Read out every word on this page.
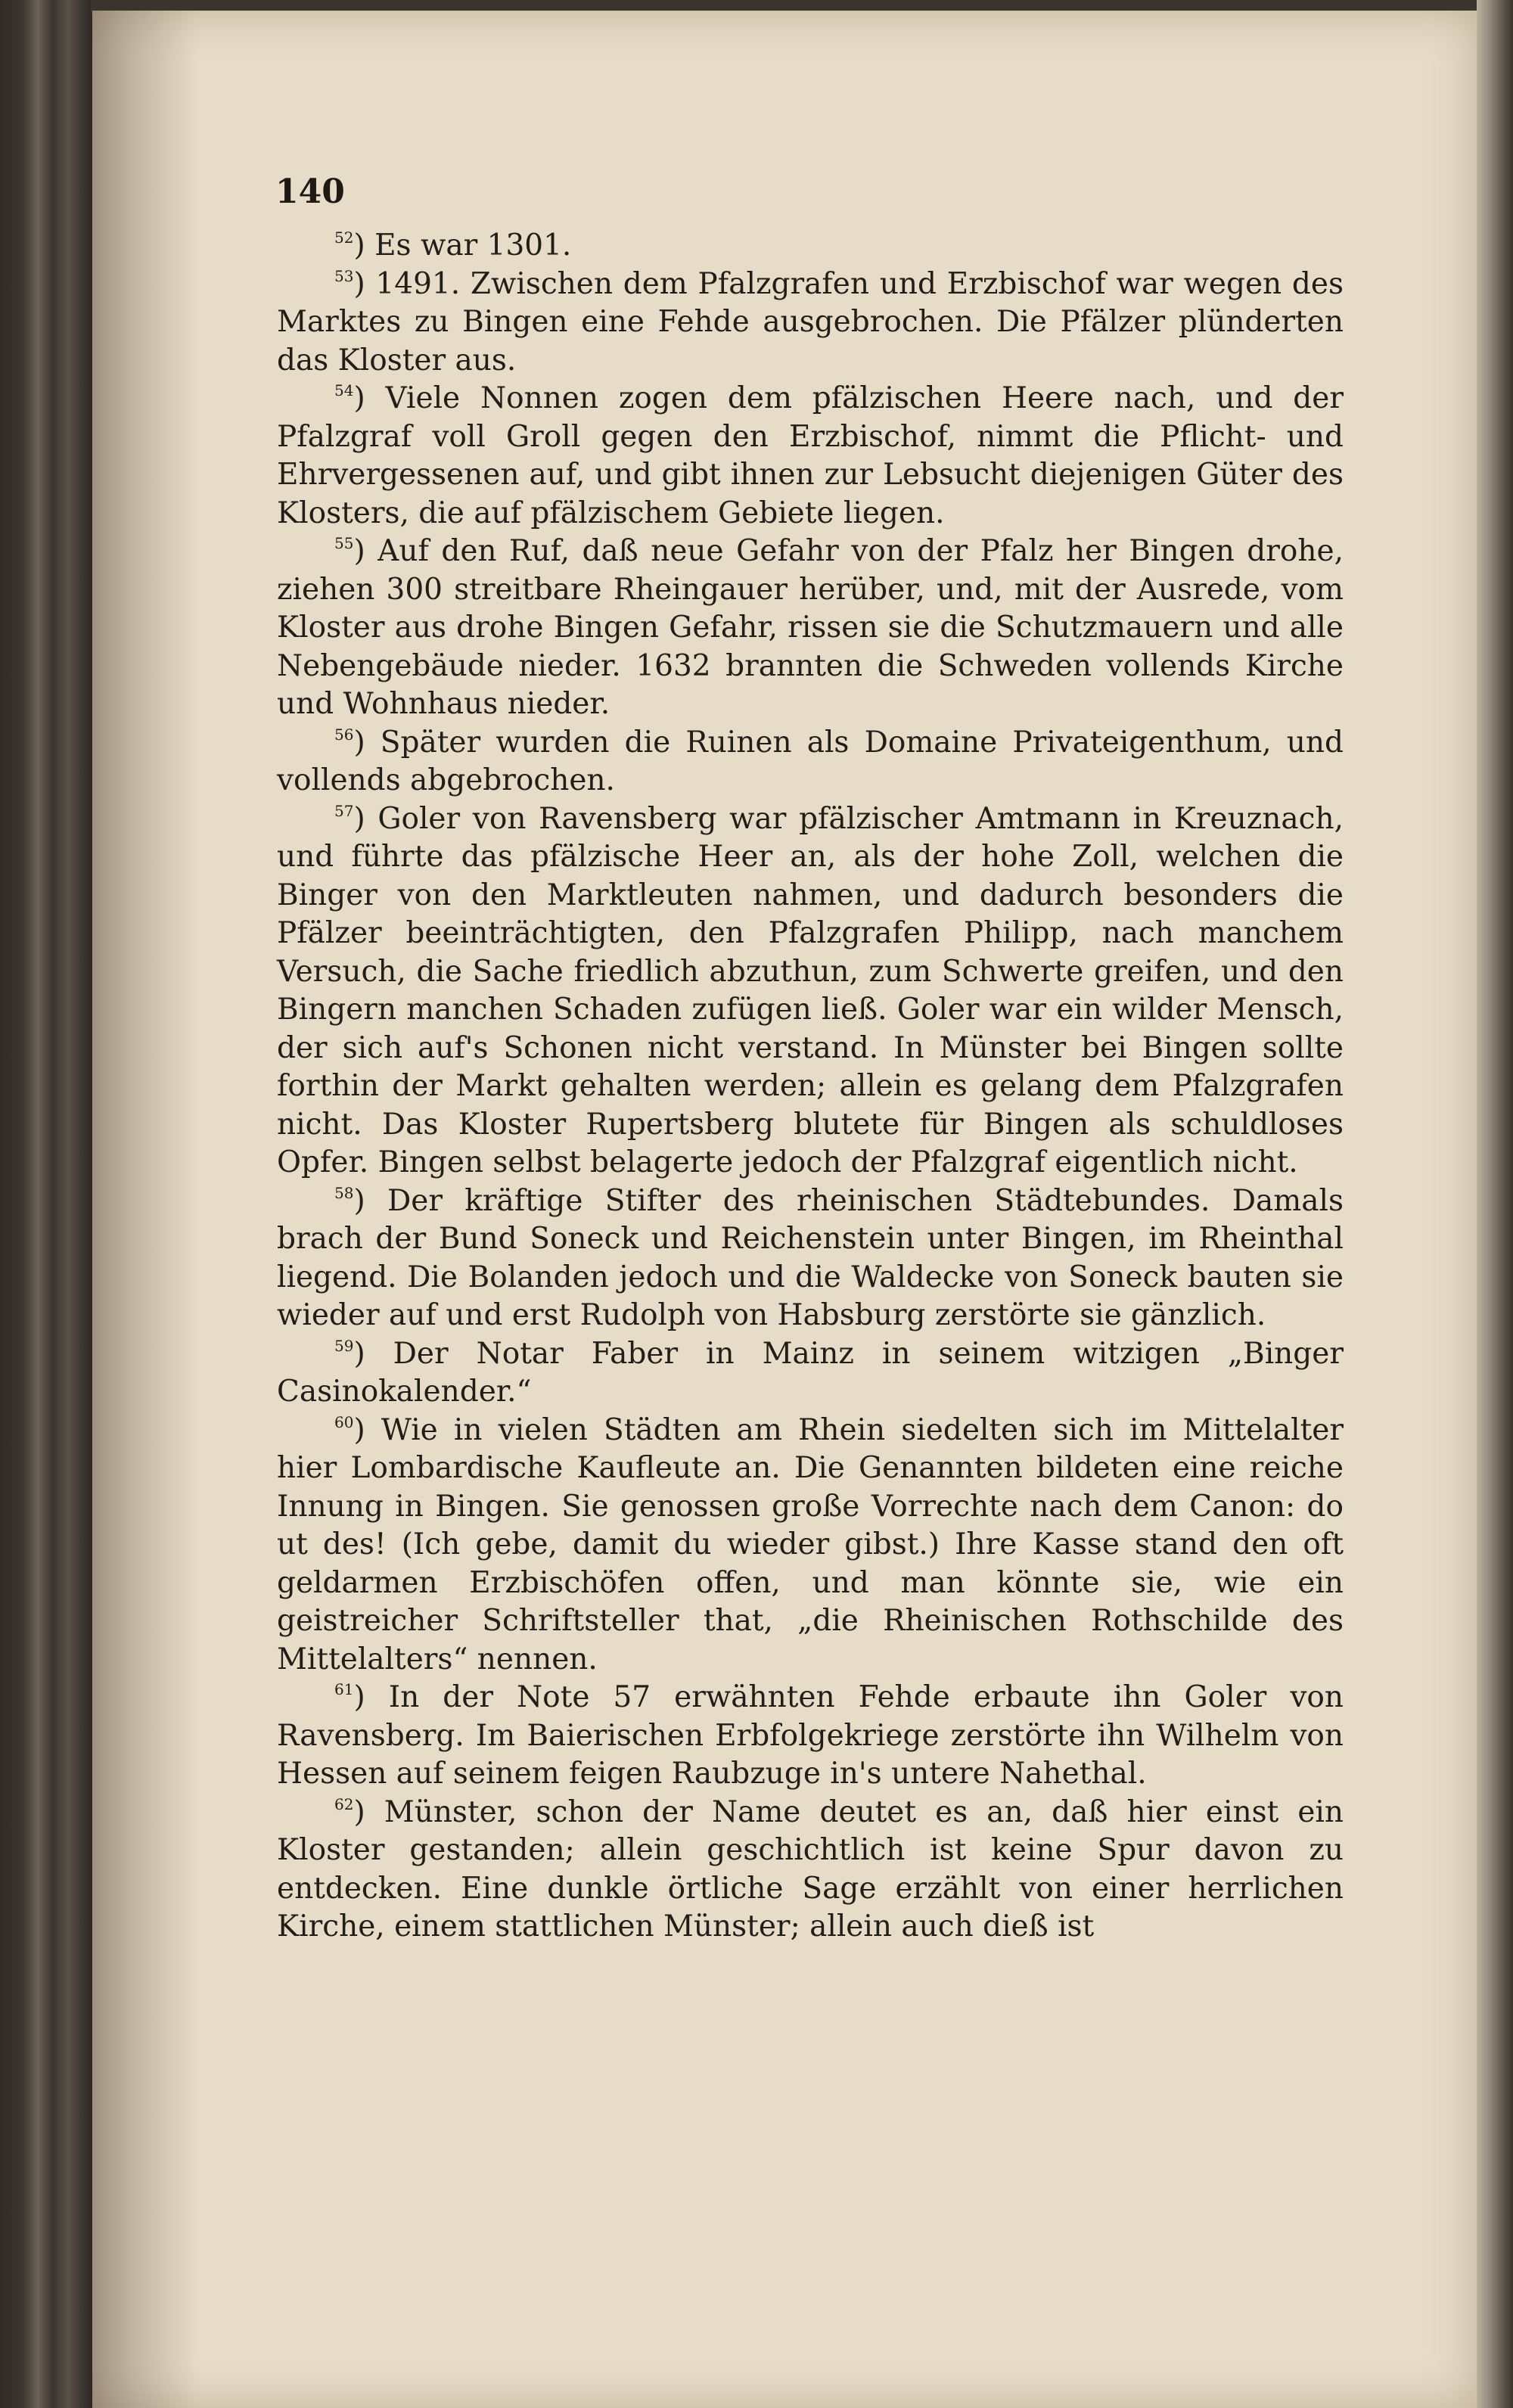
140

$^{52}$) Es war 1301.

$^{53}$) 1491. Zwischen dem Pfalzgrafen und Erzbischof war wegen des Marktes zu Bingen eine Fehde ausgebrochen. Die Pfälzer plünderten das Kloster aus.

$^{54}$) Viele Nonnen zogen dem pfälzischen Heere nach, und der Pfalzgraf voll Groll gegen den Erzbischof, nimmt die Pflicht- und Ehrvergessenen auf, und gibt ihnen zur Lebsucht diejenigen Güter des Klosters, die auf pfälzischem Gebiete liegen.

$^{55}$) Auf den Ruf, daß neue Gefahr von der Pfalz her Bingen drohe, ziehen 300 streitbare Rheingauer herüber, und, mit der Ausrede, vom Kloster aus drohe Bingen Gefahr, rissen sie die Schutzmauern und alle Nebengebäude nieder. 1632 brannten die Schweden vollends Kirche und Wohnhaus nieder.

$^{56}$) Später wurden die Ruinen als Domaine Privateigenthum, und vollends abgebrochen.

$^{57}$) Goler von Ravensberg war pfälzischer Amtmann in Kreuznach, und führte das pfälzische Heer an, als der hohe Zoll, welchen die Binger von den Marktleuten nahmen, und dadurch besonders die Pfälzer beeinträchtigten, den Pfalzgrafen Philipp, nach manchem Versuch, die Sache friedlich abzuthun, zum Schwerte greifen, und den Bingern manchen Schaden zufügen ließ. Goler war ein wilder Mensch, der sich auf's Schonen nicht verstand. In Münster bei Bingen sollte forthin der Markt gehalten werden; allein es gelang dem Pfalzgrafen nicht. Das Kloster Rupertsberg blutete für Bingen als schuldloses Opfer. Bingen selbst belagerte jedoch der Pfalzgraf eigentlich nicht.

$^{58}$) Der kräftige Stifter des rheinischen Städtebundes. Damals brach der Bund Soneck und Reichenstein unter Bingen, im Rheinthal liegend. Die Bolanden jedoch und die Waldecke von Soneck bauten sie wieder auf und erst Rudolph von Habsburg zerstörte sie gänzlich.

$^{59}$) Der Notar Faber in Mainz in seinem witzigen „Binger Casinokalender.“

$^{60}$) Wie in vielen Städten am Rhein siedelten sich im Mittelalter hier Lombardische Kaufleute an. Die Genannten bildeten eine reiche Innung in Bingen. Sie genossen große Vorrechte nach dem Canon: do ut des! (Ich gebe, damit du wieder gibst.) Ihre Kasse stand den oft geldarmen Erzbischöfen offen, und man könnte sie, wie ein geistreicher Schriftsteller that, „die Rheinischen Rothschilde des Mittelalters“ nennen.

$^{61}$) In der Note 57 erwähnten Fehde erbaute ihn Goler von Ravensberg. Im Baierischen Erbfolgekriege zerstörte ihn Wilhelm von Hessen auf seinem feigen Raubzuge in's untere Nahethal.

$^{62}$) Münster, schon der Name deutet es an, daß hier einst ein Kloster gestanden; allein geschichtlich ist keine Spur davon zu entdecken. Eine dunkle örtliche Sage erzählt von einer herrlichen Kirche, einem stattlichen Münster; allein auch dieß ist
